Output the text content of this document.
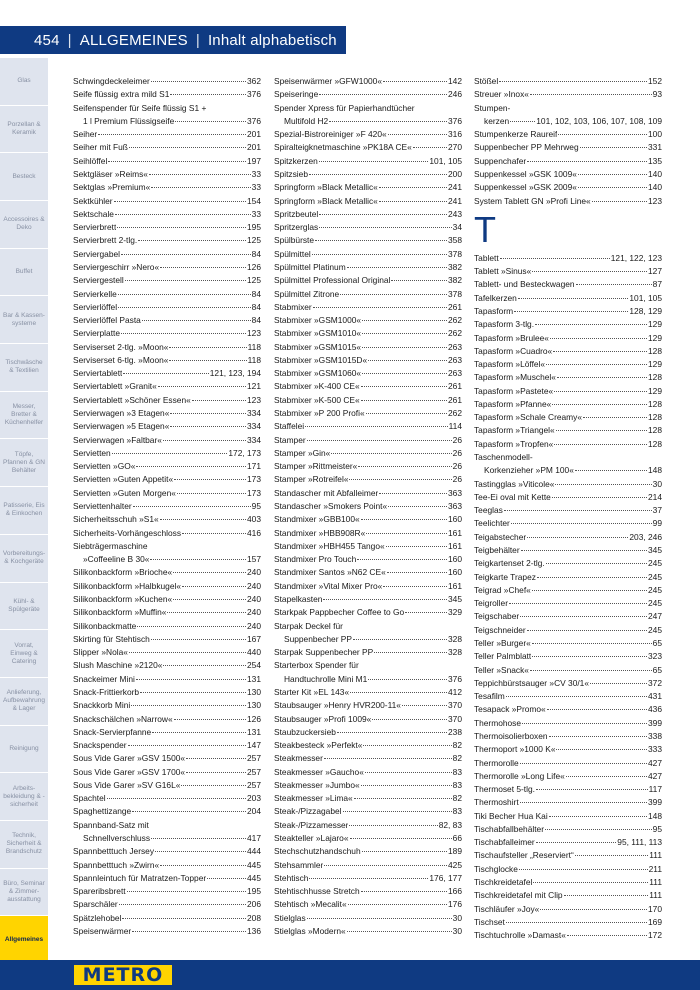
454 | ALLGEMEINES | Inhalt alphabetisch
Glas
Porzellan & Keramik
Besteck
Accessoires & Deko
Buffet
Bar & Kassen-systeme
Tischwäsche & Textilien
Messer, Bretter & Küchenhelfer
Töpfe, Pfannen & GN Behälter
Patisserie, Eis & Einkochen
Vorbereitungs- & Kochgeräte
Kühl- & Spülgeräte
Vorrat, Einweg & Catering
Anlieferung, Aufbewahrung & Lager
Reinigung
Arbeits-bekleidung & -sicherheit
Technik, Sicherheit & Brandschutz
Büro, Seminar & Zimmer-ausstattung
Allgemeines
Schwingdeckeleimer	362
Seife flüssig extra mild S1	376
Seifenspender für Seife flüssig S1 +
1 l Premium Flüssigseife	376
Seiher	201
Seiher mit Fuß	201
Seihlöffel	197
Sektgläser »Reims«	33
Sektglas »Premium«	33
Sektkühler	154
Sektschale	33
Servierbrett	195
Servierbrett 2-tlg.	125
Serviergabel	84
Serviergeschirr »Nero«	126
Serviergestell	125
Servierkelle	84
Servierlöffel	84
Servierlöffel Pasta	84
Servierplatte	123
Serviserset 2-tlg. »Moon«	118
Serviserset 6-tlg. »Moon«	118
Serviertablett	121, 123, 194
Serviertablett »Granit«	121
Serviertablett »Schöner Essen«	123
Servierwagen »3 Etagen«	334
Servierwagen »5 Etagen«	334
Servierwagen »Faltbar«	334
Servietten	172, 173
Servietten »GO«	171
Servietten »Guten Appetit«	173
Servietten »Guten Morgen«	173
Serviettenhalter	95
Sicherheitsschuh »S1«	403
Sicherheits-Vorhängeschloss	416
Siebträgermaschine
»Coffeeline B 30«	157
Silikonbackform »Brioche«	240
Silikonbackform »Halbkugel«	240
Silikonbackform »Kuchen«	240
Silikonbackform »Muffin«	240
Silikonbackmatte	240
Skirting für Stehtisch	167
Slipper »Nola«	440
Slush Maschine »2120«	254
Snackeimer Mini	131
Snack-Frittierkorb	130
Snackkorb Mini	130
Snackschälchen »Narrow«	126
Snack-Servierpfanne	131
Snackspender	147
Sous Vide Garer »GSV 1500«	257
Sous Vide Garer »GSV 1700«	257
Sous Vide Garer »SV G16L«	257
Spachtel	203
Spaghettizange	204
Spannband-Satz mit
Schnellverschluss	417
Spannbetttuch Jersey	444
Spannbetttuch »Zwirn«	445
Spannleintuch für Matratzen-Topper	445
Spareribsbrett	195
Sparschäler	206
Spätzlehobel	208
Speisenwärmer	136
Speisenwärmer »GFW1000«	142
Speiseringe	246
Spender Xpress für Papierhandtücher
Multifold H2	376
Spezial-Bistroreiniger »F 420«	316
Spiralteigknetmaschine »PK18A CE«	270
Spitzkerzen	101, 105
Spitzsieb	200
Springform »Black Metallic«	241
Springform »Black Metallic«	241
Spritzbeutel	243
Spritzerglas	34
Spülbürste	358
Spülmittel	378
Spülmittel Platinum	382
Spülmittel Professional Original	382
Spülmittel Zitrone	378
Stabmixer	261
Stabmixer »GSM1000«	262
Stabmixer »GSM1010«	262
Stabmixer »GSM1015«	263
Stabmixer »GSM1015D«	263
Stabmixer »GSM1060«	263
Stabmixer »K-400 CE«	261
Stabmixer »K-500 CE«	261
Stabmixer »P 200 Profi«	262
Staffelei	114
Stamper	26
Stamper »Gin«	26
Stamper »Rittmeister«	26
Stamper »Rotreifel«	26
Standascher mit Abfalleimer	363
Standascher »Smokers Point«	363
Standmixer »GBB100«	160
Standmixer »HBB908R«	161
Standmixer »HBH455 Tango«	161
Standmixer Pro Touch	160
Standmixer Santos »N62 CE«	160
Standmixer »Vital Mixer Pro«	161
Stapelkasten	345
Starkpak Pappbecher Coffee to Go	329
Starpak Deckel für
Suppenbecher PP	328
Starpak Suppenbecher PP	328
Starterbox Spender für
Handtuchrolle Mini M1	376
Starter Kit »EL 143«	412
Staubsauger »Henry HVR200-11«	370
Staubsauger »Profi 1009«	370
Staubzuckersieb	238
Steakbesteck »Perfekt«	82
Steakmesser	82
Steakmesser »Gaucho«	83
Steakmesser »Jumbo«	83
Steakmesser »Lima«	82
Steak-/Pizzagabel	83
Steak-/Pizzamesser	82, 83
Steakteller »Lajaro«	66
Stechschutzhandschuh	189
Stehsammler	425
Stehtisch	176, 177
Stehtischhusse Stretch	166
Stehtisch »Mecalit«	176
Stielglas	30
Stielglas »Modern«	30
Stößel	152
Streuer »Inox«	93
Stumpen-
kerzen	101, 102, 103, 106, 107, 108, 109
Stumpenkerze Raureif	100
Suppenbecher PP Mehrweg	331
Suppenchafer	135
Suppenkessel »GSK 1009«	140
Suppenkessel »GSK 2009«	140
System Tablett GN »Profi Line«	123
T
Tablett	121, 122, 123
Tablett »Sinus«	127
Tablett- und Besteckwagen	87
Tafelkerzen	101, 105
Tapasform	128, 129
Tapasform 3-tlg.	129
Tapasform »Brulee«	129
Tapasform »Cuadro«	128
Tapasform »Löffel«	129
Tapasform »Muschel«	128
Tapasform »Pastete«	129
Tapasform »Pfanne«	128
Tapasform »Schale Creamy«	128
Tapasform »Triangel«	128
Tapasform »Tropfen«	128
Taschenmodell-
Korkenzieher »PM 100«	148
Tastingglas »Viticole«	30
Tee-Ei oval mit Kette	214
Teeglas	37
Teelichter	99
Teigabstecher	203, 246
Teigbehälter	345
Teigkartenset 2-tlg.	245
Teigkarte Trapez	245
Teigrad »Chef«	245
Teigroller	245
Teigschaber	247
Teigschneider	245
Teller »Burger«	65
Teller Palmblatt	323
Teller »Snack«	65
Teppichbürstsauger »CV 30/1«	372
Tesafilm	431
Tesapack »Promo«	436
Thermohose	399
Thermoisolierboxen	338
Thermoport »1000 K«	333
Thermorolle	427
Thermorolle »Long Life«	427
Thermoset 5-tlg.	117
Thermoshirt	399
Tiki Becher Hua Kai	148
Tischabfallbehälter	95
Tischabfalleimer	95, 111, 113
Tischaufsteller „Reserviert“	111
Tischglocke	211
Tischkreidetafel	111
Tischkreidetafel mit Clip	111
Tischläufer »Joy«	170
Tischset	169
Tischtuchrolle »Damast«	172
METRO
